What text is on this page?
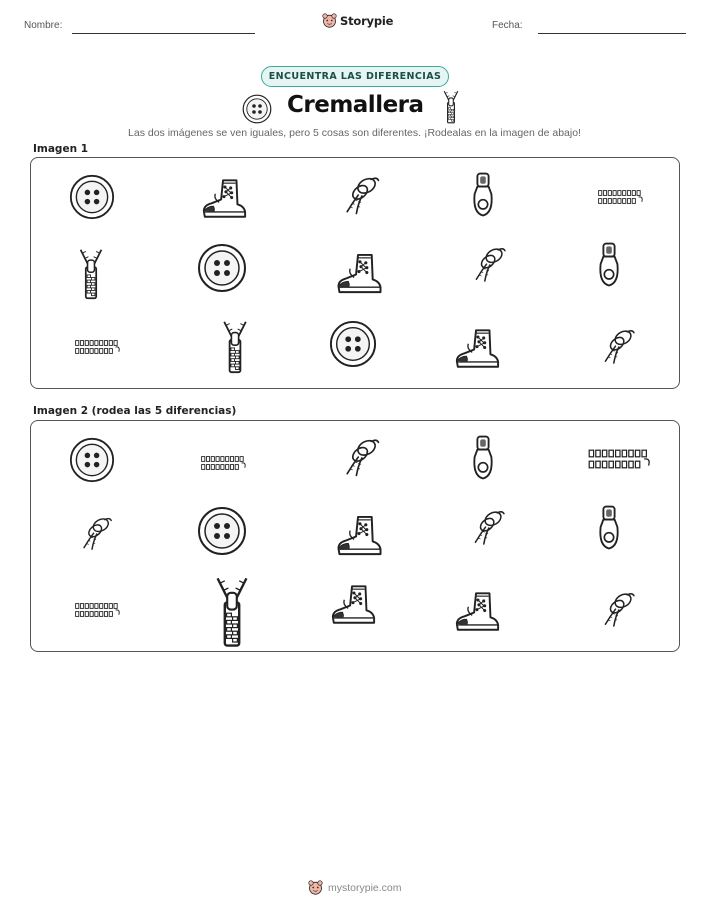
Nombre:	Storypie	Fecha:
ENCUENTRA LAS DIFERENCIAS
Cremallera
Las dos imágenes se ven iguales, pero 5 cosas son diferentes. ¡Rodealas en la imagen de abajo!
Imagen 1
Imagen 2 (rodea las 5 diferencias)
mystorypie.com
